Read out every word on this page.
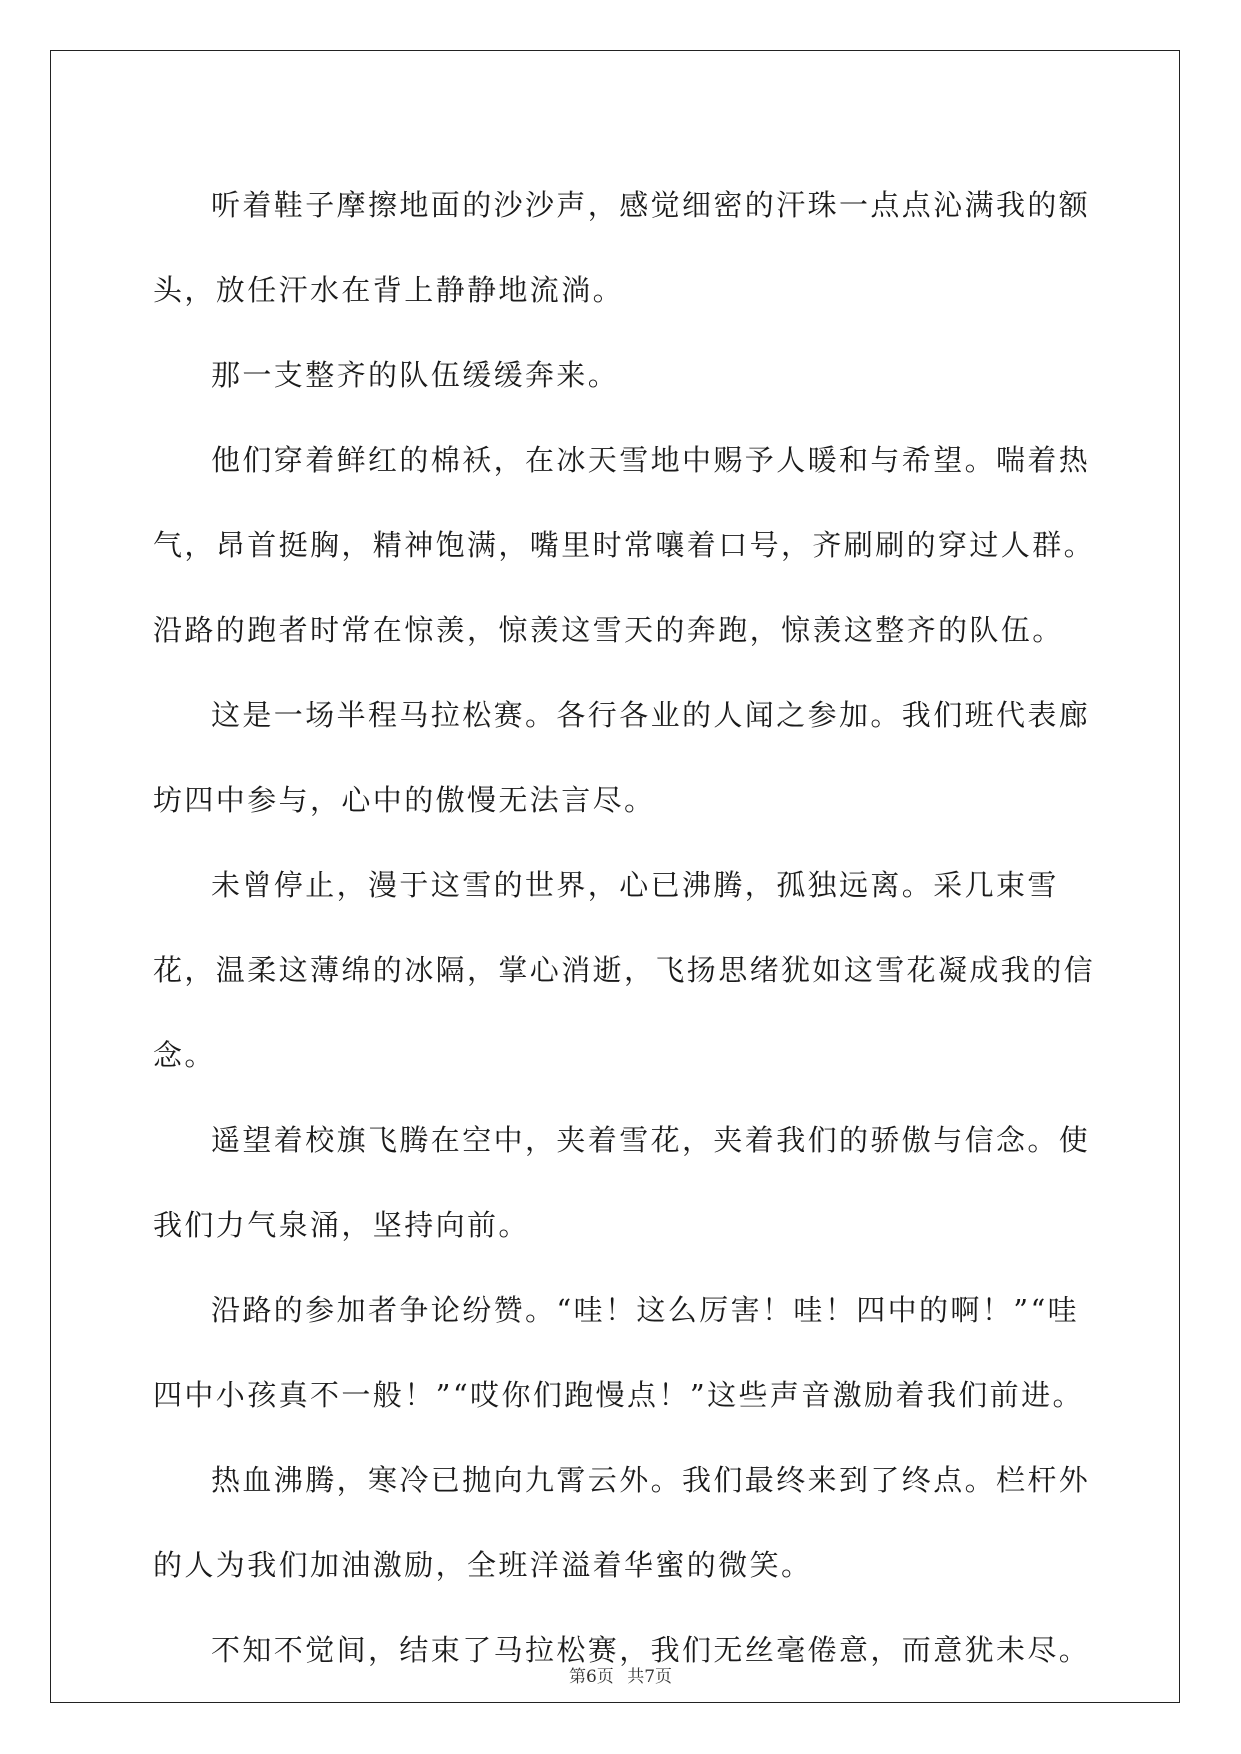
听着鞋子摩擦地面的沙沙声，感觉细密的汗珠一点点沁满我的额头，放任汗水在背上静静地流淌。

那一支整齐的队伍缓缓奔来。

他们穿着鲜红的棉袄，在冰天雪地中赐予人暖和与希望。喘着热气，昂首挺胸，精神饱满，嘴里时常嚷着口号，齐刷刷的穿过人群。沿路的跑者时常在惊羡，惊羡这雪天的奔跑，惊羡这整齐的队伍。

这是一场半程马拉松赛。各行各业的人闻之参加。我们班代表廊坊四中参与，心中的傲慢无法言尽。

未曾停止，漫于这雪的世界，心已沸腾，孤独远离。采几束雪花，温柔这薄绵的冰隔，掌心消逝，飞扬思绪犹如这雪花凝成我的信念。

遥望着校旗飞腾在空中，夹着雪花，夹着我们的骄傲与信念。使我们力气泉涌，坚持向前。

沿路的参加者争论纷赞。“哇！这么厉害！哇！四中的啊！”“哇四中小孩真不一般！”“哎你们跑慢点！”这些声音激励着我们前进。

热血沸腾，寒冷已抛向九霄云外。我们最终来到了终点。栏杆外的人为我们加油激励，全班洋溢着华蜜的微笑。

不知不觉间，结束了马拉松赛，我们无丝毫倦意，而意犹未尽。

第6页 共7页
